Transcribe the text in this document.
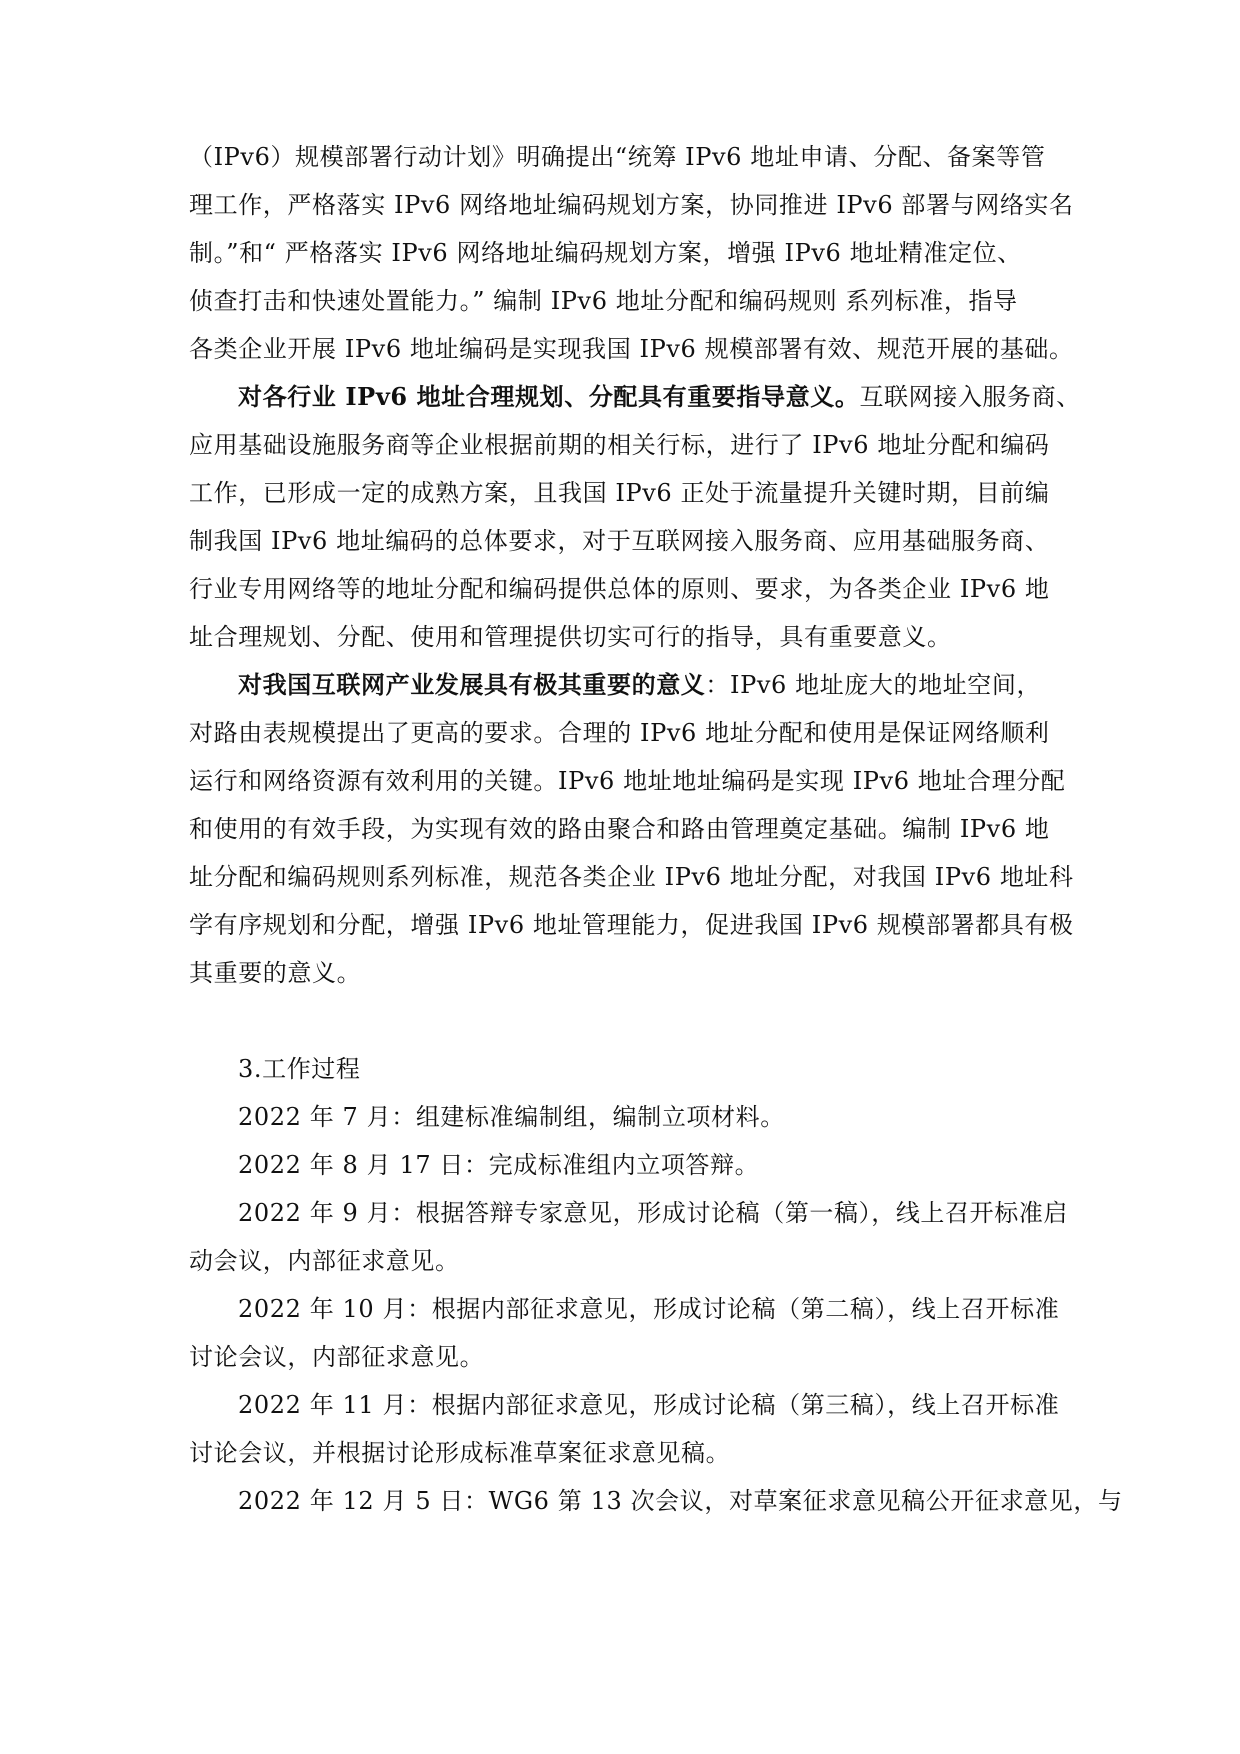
（IPv6）规模部署行动计划》明确提出“统筹 IPv6 地址申请、分配、备案等管
理工作，严格落实 IPv6 网络地址编码规划方案，协同推进 IPv6 部署与网络实名
制。”和“ 严格落实 IPv6 网络地址编码规划方案，增强 IPv6 地址精准定位、
侦查打击和快速处置能力。” 编制 IPv6 地址分配和编码规则 系列标准，指导
各类企业开展 IPv6 地址编码是实现我国 IPv6 规模部署有效、规范开展的基础。
对各行业 IPv6 地址合理规划、分配具有重要指导意义。互联网接入服务商、
应用基础设施服务商等企业根据前期的相关行标，进行了 IPv6 地址分配和编码
工作，已形成一定的成熟方案，且我国 IPv6 正处于流量提升关键时期，目前编
制我国 IPv6 地址编码的总体要求，对于互联网接入服务商、应用基础服务商、
行业专用网络等的地址分配和编码提供总体的原则、要求，为各类企业 IPv6 地
址合理规划、分配、使用和管理提供切实可行的指导，具有重要意义。
对我国互联网产业发展具有极其重要的意义：IPv6 地址庞大的地址空间，
对路由表规模提出了更高的要求。合理的 IPv6 地址分配和使用是保证网络顺利
运行和网络资源有效利用的关键。IPv6 地址地址编码是实现 IPv6 地址合理分配
和使用的有效手段，为实现有效的路由聚合和路由管理奠定基础。编制 IPv6 地
址分配和编码规则系列标准，规范各类企业 IPv6 地址分配，对我国 IPv6 地址科
学有序规划和分配，增强 IPv6 地址管理能力，促进我国 IPv6 规模部署都具有极
其重要的意义。
3.工作过程
2022 年 7 月：组建标准编制组，编制立项材料。
2022 年 8 月 17 日：完成标准组内立项答辩。
2022 年 9 月：根据答辩专家意见，形成讨论稿（第一稿），线上召开标准启
动会议，内部征求意见。
2022 年 10 月：根据内部征求意见，形成讨论稿（第二稿），线上召开标准
讨论会议，内部征求意见。
2022 年 11 月：根据内部征求意见，形成讨论稿（第三稿），线上召开标准
讨论会议，并根据讨论形成标准草案征求意见稿。
2022 年 12 月 5 日：WG6 第 13 次会议，对草案征求意见稿公开征求意见，与
